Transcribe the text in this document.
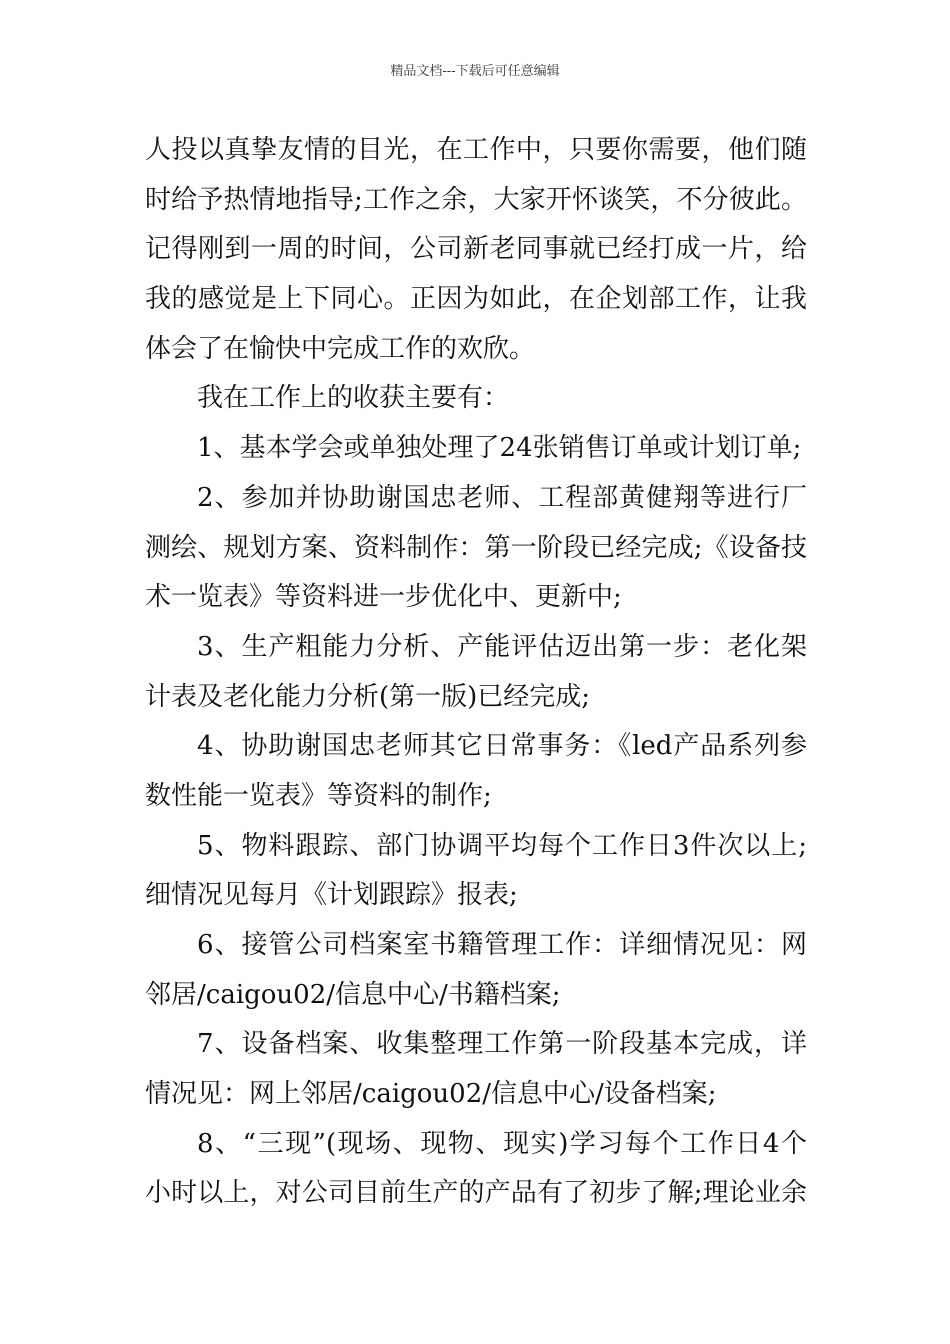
精品文档---下载后可任意编辑
人投以真挚友情的目光，在工作中，只要你需要，他们随
时给予热情地指导;工作之余，大家开怀谈笑，不分彼此。
记得刚到一周的时间，公司新老同事就已经打成一片，给
我的感觉是上下同心。正因为如此，在企划部工作，让我
体会了在愉快中完成工作的欢欣。
我在工作上的收获主要有：
1、基本学会或单独处理了24张销售订单或计划订单;
2、参加并协助谢国忠老师、工程部黄健翔等进行厂
测绘、规划方案、资料制作：第一阶段已经完成;《设备技
术一览表》等资料进一步优化中、更新中;
3、生产粗能力分析、产能评估迈出第一步：老化架
计表及老化能力分析(第一版)已经完成;
4、协助谢国忠老师其它日常事务：《led产品系列参
数性能一览表》等资料的制作;
5、物料跟踪、部门协调平均每个工作日3件次以上;
细情况见每月《计划跟踪》报表;
6、接管公司档案室书籍管理工作：详细情况见：网
邻居/caigou02/信息中心/书籍档案;
7、设备档案、收集整理工作第一阶段基本完成，详
情况见：网上邻居/caigou02/信息中心/设备档案;
8、“三现”(现场、现物、现实)学习每个工作日4个
小时以上，对公司目前生产的产品有了初步了解;理论业余
